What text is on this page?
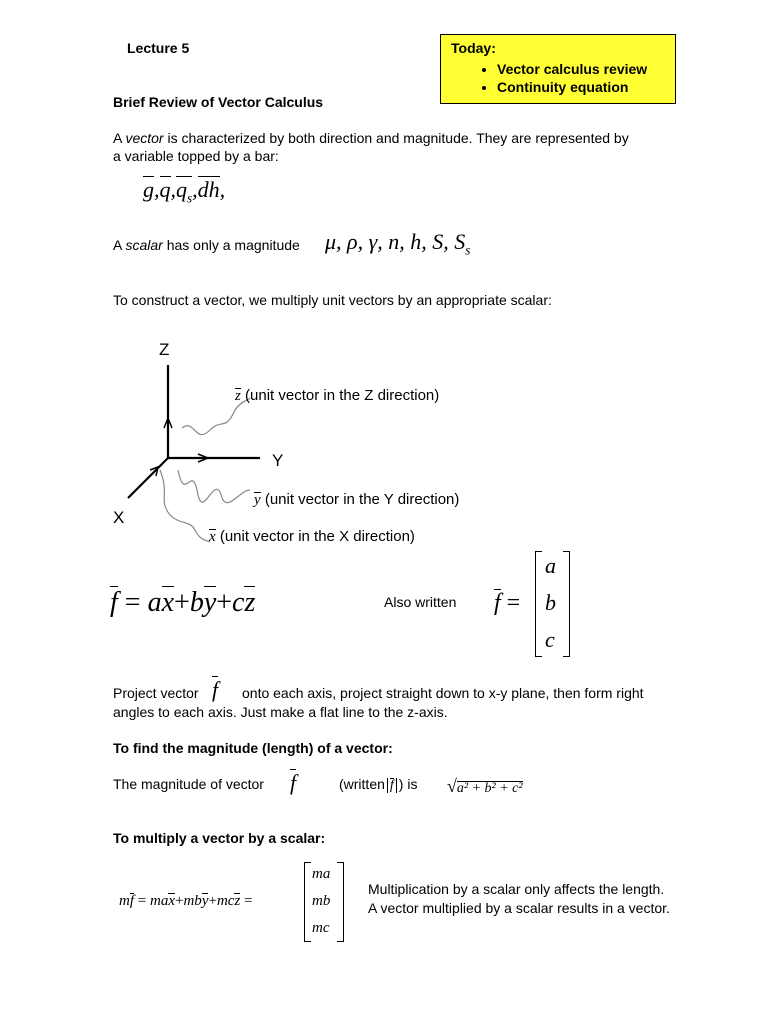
Lecture 5	Today:
• Vector calculus review
• Continuity equation
Brief Review of Vector Calculus
A vector is characterized by both direction and magnitude. They are represented by
a variable topped by a bar:
$g,q,q_s,dh$,
A scalar has only a magnitude μ, ρ, γ, n, h, S, $S_s$
To construct a vector, we multiply unit vectors by an appropriate scalar:
Z
Y
X
z (unit vector in the Z direction)
y (unit vector in the Y direction)
x (unit vector in the X direction)
f = ax+by+cz	Also written f =
a
b
c
Project vector f onto each axis, project straight down to x-y plane, then form right
angles to each axis. Just make a flat line to the z-axis.
To find the magnitude (length) of a vector:
The magnitude of vector f	(written f ) is √a² + b² + c²
To multiply a vector by a scalar:
mf = max+mby+mcz =
ma
mb
mc
Multiplication by a scalar only affects the length.
A vector multiplied by a scalar results in a vector.
